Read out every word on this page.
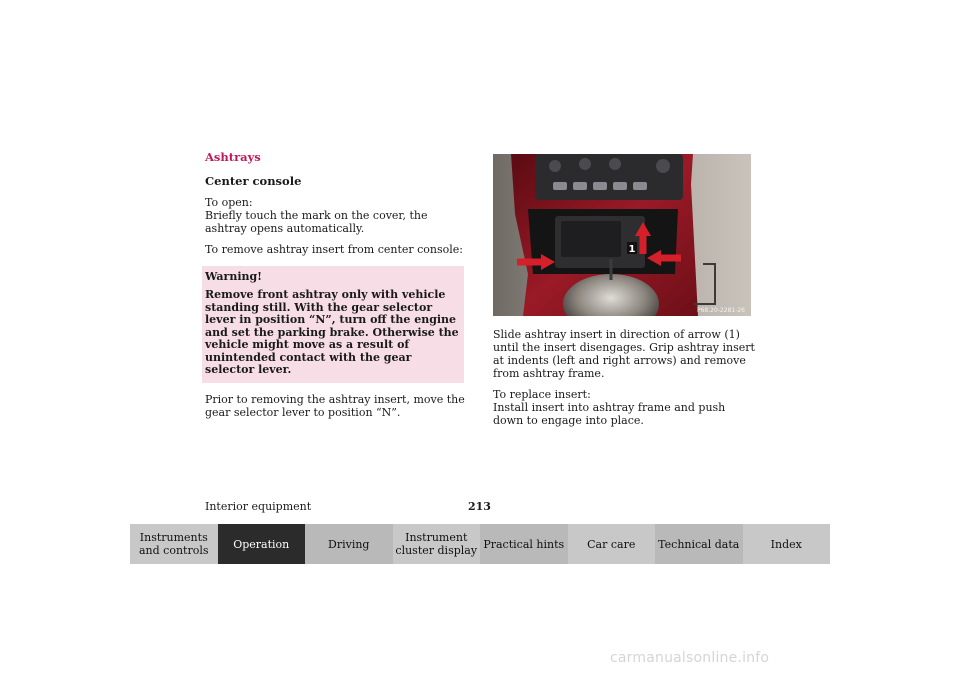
Ashtrays
Center console

To open:
Briefly touch the mark on the cover, the ashtray opens automatically.

To remove ashtray insert from center console:

Warning!

Remove front ashtray only with vehicle standing still. With the gear selector lever in position “N”, turn off the engine and set the parking brake. Otherwise the vehicle might move as a result of unintended contact with the gear selector lever.

Prior to removing the ashtray insert, move the gear selector lever to position “N”.

1
P68.20-2281-26

Slide ashtray insert in direction of arrow (1) until the insert disengages. Grip ashtray insert at indents (left and right arrows) and remove from ashtray frame.

To replace insert:
Install insert into ashtray frame and push down to engage into place.

Interior equipment	213
Instruments and controls	Operation	Driving	Instrument cluster display Practical hints Car care Technical data	Index
carmanualsonline.info
